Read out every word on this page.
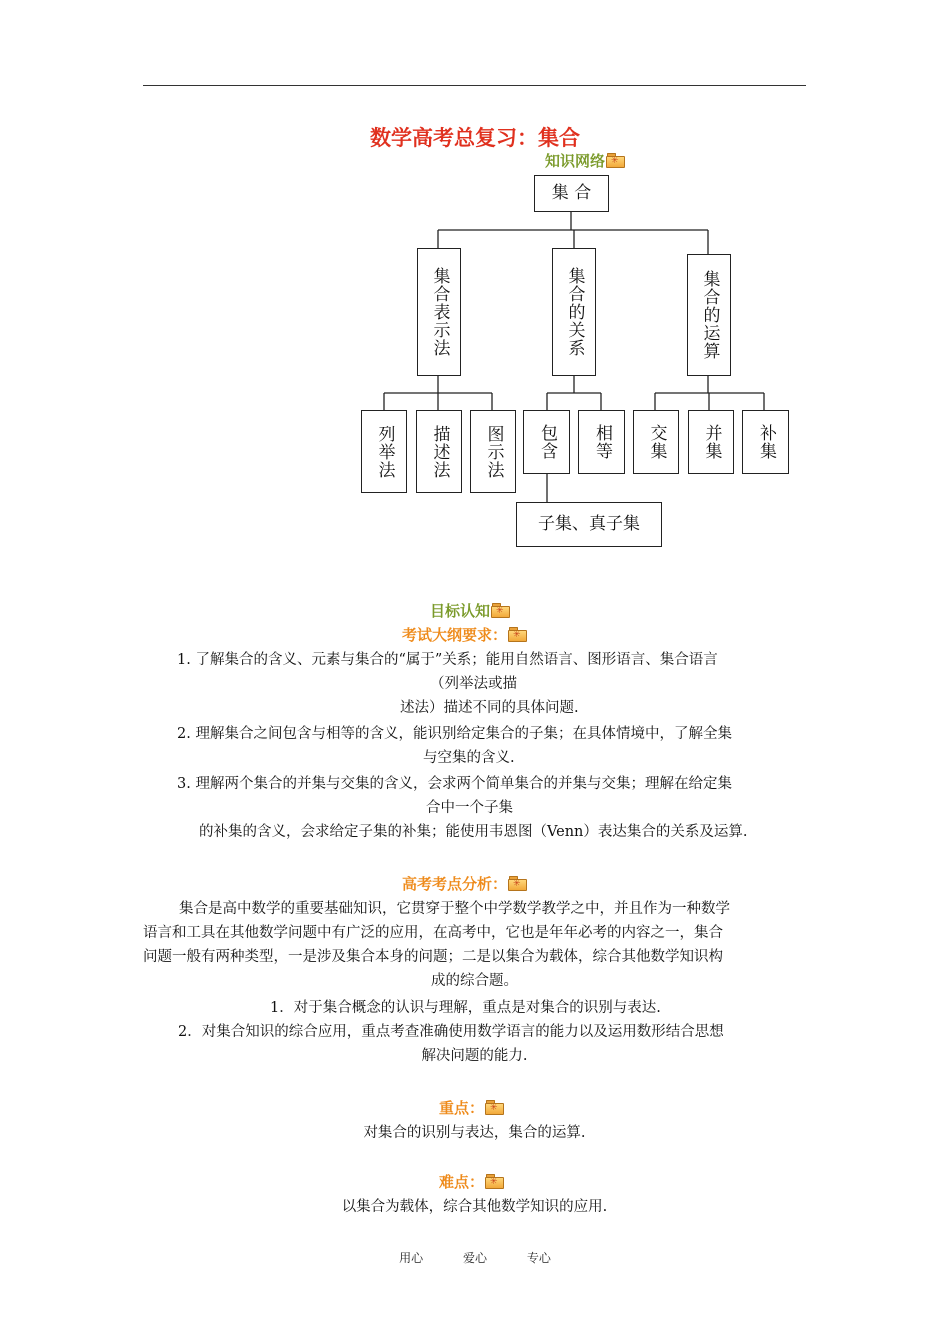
数学高考总复习：集合
知识网络 ✳
集 合
集合表示法	集合的关系	集合的运算
列举法	描述法	图示法	包含	相等	交集	并集	补集
子集、真子集
目标认知 ✳
考试大纲要求： ✳
1. 了解集合的含义、元素与集合的“属于”关系；能用自然语言、图形语言、集合语言
（列举法或描
述法）描述不同的具体问题.
2. 理解集合之间包含与相等的含义，能识别给定集合的子集；在具体情境中，了解全集
与空集的含义.
3. 理解两个集合的并集与交集的含义，会求两个简单集合的并集与交集；理解在给定集
合中一个子集
的补集的含义，会求给定子集的补集；能使用韦恩图（Venn）表达集合的关系及运算.
高考考点分析： ✳
集合是高中数学的重要基础知识，它贯穿于整个中学数学教学之中，并且作为一种数学
语言和工具在其他数学问题中有广泛的应用，在高考中，它也是年年必考的内容之一，集合
问题一般有两种类型，一是涉及集合本身的问题；二是以集合为载体，综合其他数学知识构
成的综合题。
1．对于集合概念的认识与理解，重点是对集合的识别与表达.
2．对集合知识的综合应用，重点考查准确使用数学语言的能力以及运用数形结合思想
解决问题的能力.
重点： ✳
对集合的识别与表达，集合的运算.
难点： ✳
以集合为载体，综合其他数学知识的应用.
用心	爱心	专心
